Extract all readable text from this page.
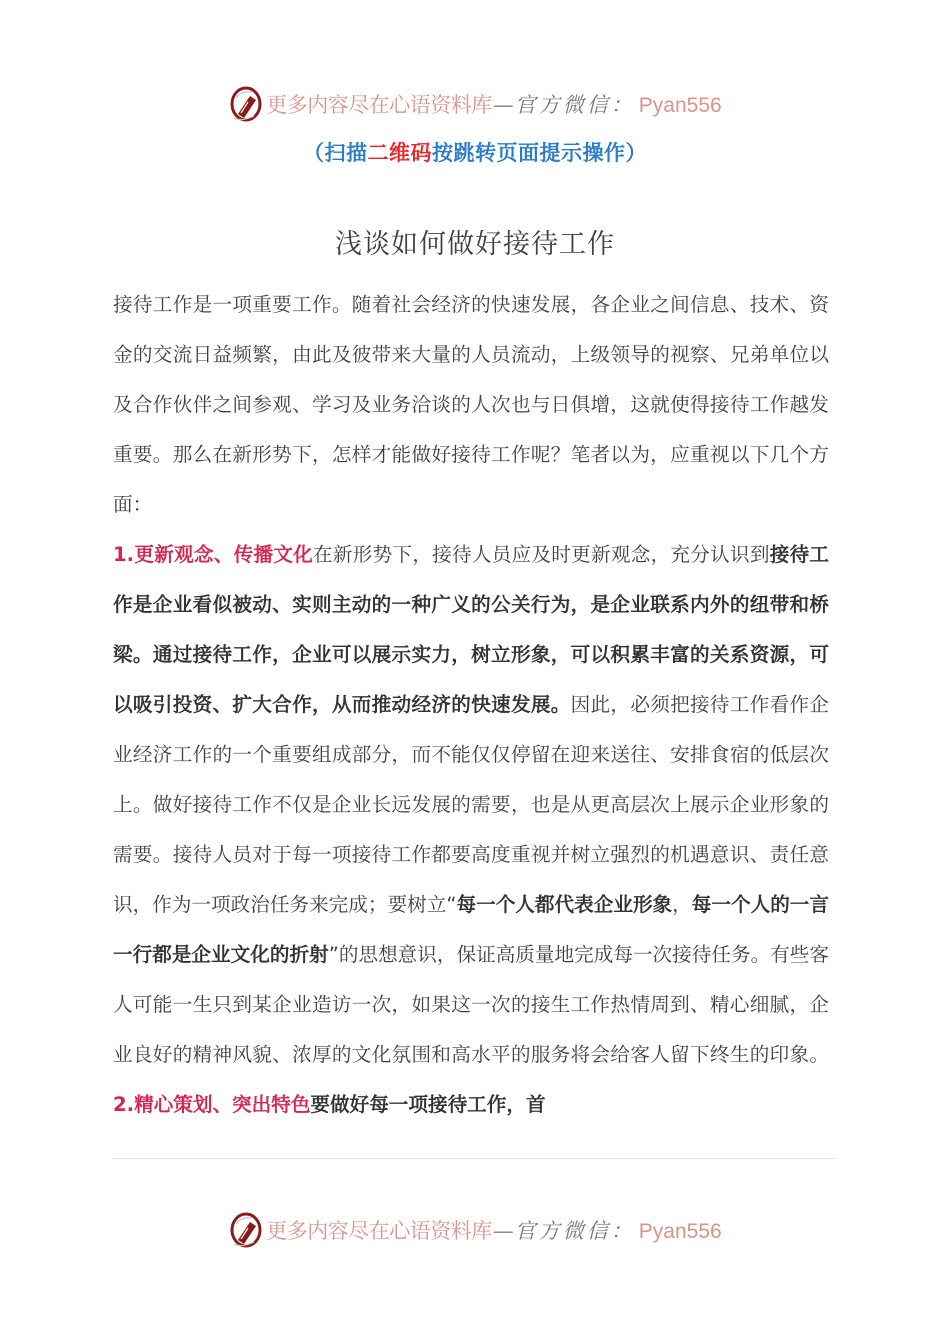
更多内容尽在心语资料库 — 官方微信： Pyan556
（扫描二维码按跳转页面提示操作）
浅谈如何做好接待工作

接待工作是一项重要工作。随着社会经济的快速发展，各企业之间信息、技术、资金的交流日益频繁，由此及彼带来大量的人员流动，上级领导的视察、兄弟单位以及合作伙伴之间参观、学习及业务洽谈的人次也与日俱增，这就使得接待工作越发重要。那么在新形势下，怎样才能做好接待工作呢？笔者以为，应重视以下几个方面：

1.更新观念、传播文化在新形势下，接待人员应及时更新观念，充分认识到接待工作是企业看似被动、实则主动的一种广义的公关行为，是企业联系内外的纽带和桥梁。通过接待工作，企业可以展示实力，树立形象，可以积累丰富的关系资源，可以吸引投资、扩大合作，从而推动经济的快速发展。因此，必须把接待工作看作企业经济工作的一个重要组成部分，而不能仅仅停留在迎来送往、安排食宿的低层次上。做好接待工作不仅是企业长远发展的需要，也是从更高层次上展示企业形象的需要。接待人员对于每一项接待工作都要高度重视并树立强烈的机遇意识、责任意识，作为一项政治任务来完成；要树立“每一个人都代表企业形象，每一个人的一言一行都是企业文化的折射”的思想意识，保证高质量地完成每一次接待任务。有些客人可能一生只到某企业造访一次，如果这一次的接生工作热情周到、精心细腻，企业良好的精神风貌、浓厚的文化氛围和高水平的服务将会给客人留下终生的印象。2.精心策划、突出特色要做好每一项接待工作，首

更多内容尽在心语资料库 — 官方微信： Pyan556
